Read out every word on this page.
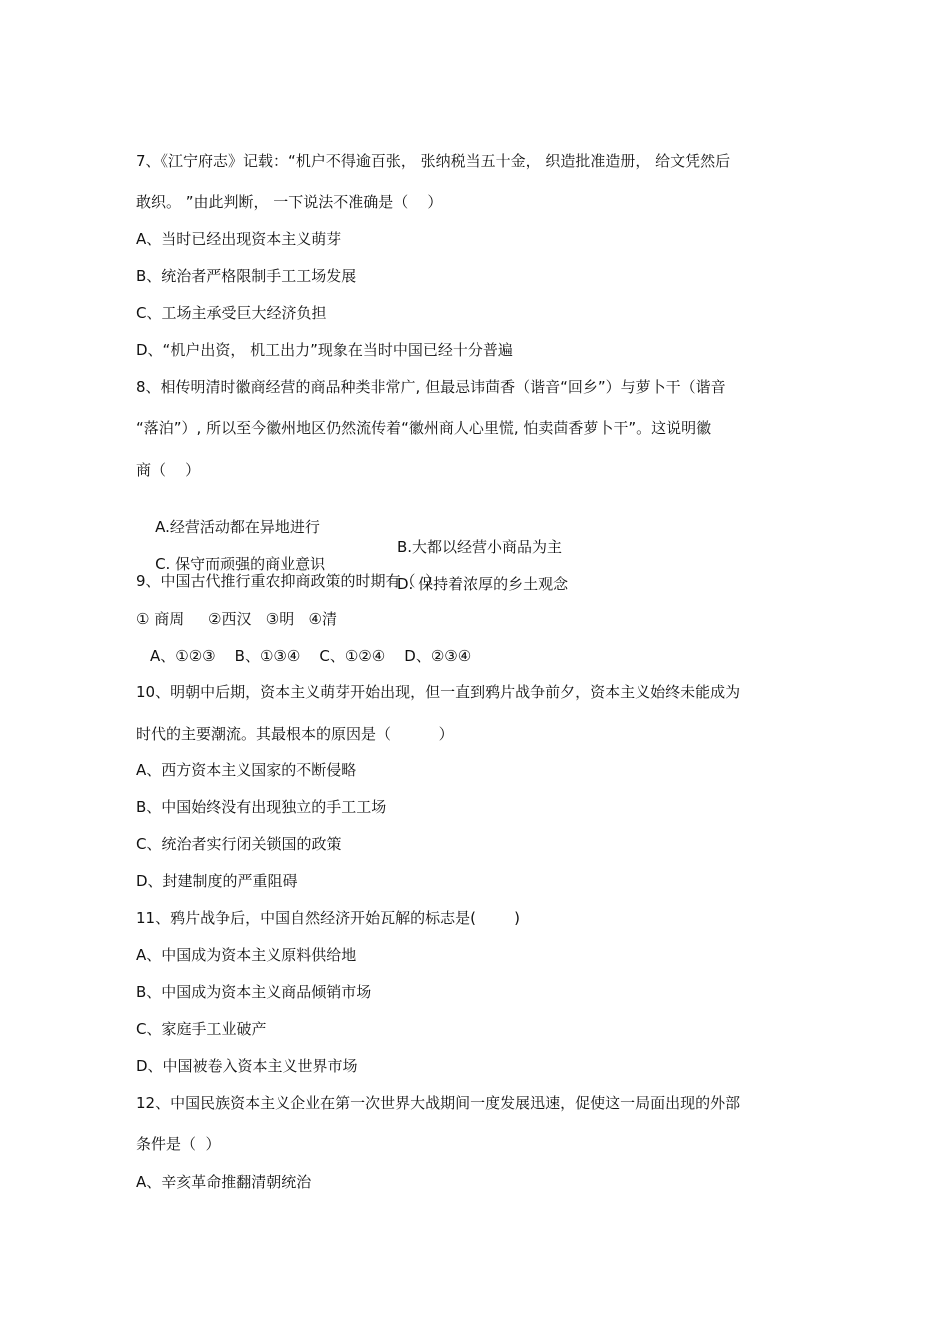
7、《江宁府志》记载：“机户不得逾百张， 张纳税当五十金， 织造批准造册， 给文凭然后
敢织。 ”由此判断， 一下说法不准确是（    ）
A、当时已经出现资本主义萌芽
B、统治者严格限制手工工场发展
C、工场主承受巨大经济负担
D、“机户出资， 机工出力”现象在当时中国已经十分普遍
8、相传明清时徽商经营的商品种类非常广, 但最忌讳茴香（谐音“回乡”）与萝卜干（谐音
“落泊”）, 所以至今徽州地区仍然流传着“徽州商人心里慌, 怕卖茴香萝卜干”。这说明徽
商（    ）

A.经营活动都在异地进行

B.大都以经营小商品为主

C. 保守而顽强的商业意识

D. 保持着浓厚的乡土观念

9、中国古代推行重农抑商政策的时期有（  ）
① 商周     ②西汉   ③明   ④清
A、①②③    B、①③④    C、①②④    D、②③④
10、明朝中后期，资本主义萌芽开始出现，但一直到鸦片战争前夕，资本主义始终未能成为
时代的主要潮流。其最根本的原因是（          ）
A、西方资本主义国家的不断侵略
B、中国始终没有出现独立的手工工场
C、统治者实行闭关锁国的政策
D、封建制度的严重阻碍
11、鸦片战争后，中国自然经济开始瓦解的标志是(        )
A、中国成为资本主义原料供给地
B、中国成为资本主义商品倾销市场
C、家庭手工业破产
D、中国被卷入资本主义世界市场
12、中国民族资本主义企业在第一次世界大战期间一度发展迅速，促使这一局面出现的外部
条件是（  ）
A、辛亥革命推翻清朝统治
